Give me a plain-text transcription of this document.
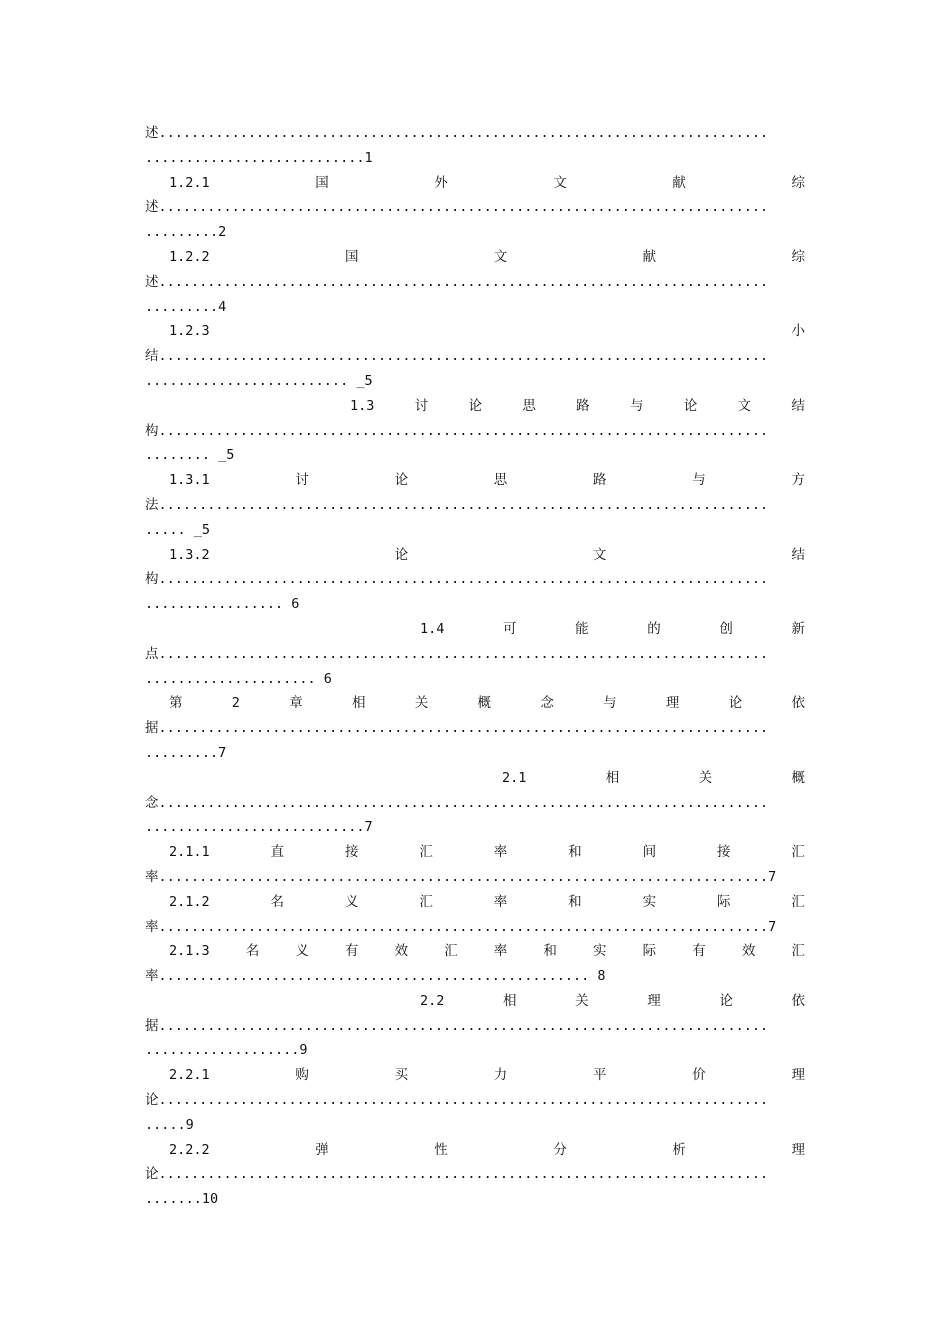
述...........................................................................
...........................1
1.2.1	国	外	文	献	综
述...........................................................................
.........2
1.2.2	国	文	献	综
述...........................................................................
.........4
1.2.3	小
结...........................................................................
......................... _5
1.3	讨	论	思	路	与	论	文	结
构...........................................................................
........ _5
1.3.1	讨	论	思	路	与	方
法...........................................................................
..... _5
1.3.2	论	文	结
构...........................................................................
................. 6
1.4	可	能	的	创	新
点...........................................................................
..................... 6
第	2	章	相	关	概	念	与	理	论	依
据...........................................................................
.........7
2.1	相	关	概
念...........................................................................
...........................7
2.1.1	直	接	汇	率	和	间	接	汇
率...........................................................................7
2.1.2	名	义	汇	率	和	实	际	汇
率...........................................................................7
2.1.3	名	义	有	效	汇	率	和	实	际	有	效	汇
率..................................................... 8
2.2	相	关	理	论	依
据...........................................................................
...................9
2.2.1	购	买	力	平	价	理
论...........................................................................
.....9
2.2.2	弹	性	分	析	理
论...........................................................................
.......10
